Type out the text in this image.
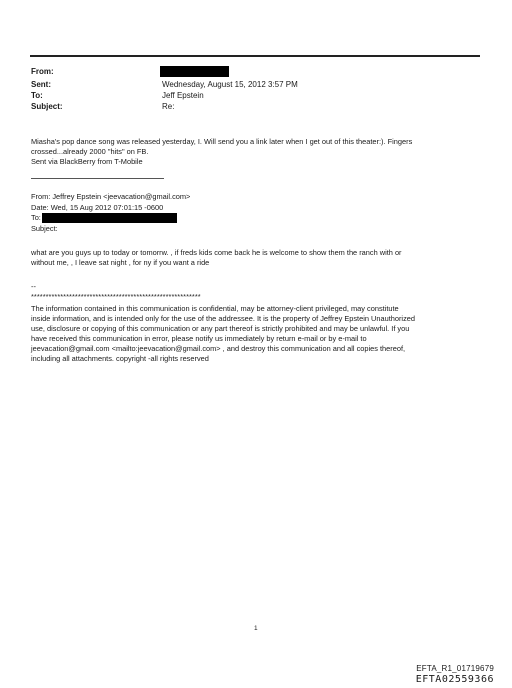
From:
Sent:
To:
Subject:
Wednesday, August 15, 2012 3:57 PM
Jeff Epstein
Re:

Miasha's pop dance song was released yesterday, I. Will send you a link later when I get out of this theater:). Fingers

crossed...already 2000 "hits" on FB.

Sent via BlackBerry from T-Mobile

From: Jeffrey Epstein <jeevacation@gmail.com>
Date: Wed, 15 Aug 2012 07:01:15 -0600
To:
Subject:

what are you guys up to today or tomorrw. , if freds kids come back he is welcome to show them the ranch with or

without me, , I leave sat night , for ny if you want a ride

--
**********************************************************

The information contained in this communication is confidential, may be attorney-client privileged, may constitute

inside information, and is intended only for the use of the addressee. It is the property of Jeffrey Epstein Unauthorized

use, disclosure or copying of this communication or any part thereof is strictly prohibited and may be unlawful. If you

have received this communication in error, please notify us immediately by return e-mail or by e-mail to

jeevacation@gmail.com <mailto:jeevacation@gmail.com> , and destroy this communication and all copies thereof,

including all attachments. copyright -all rights reserved

1
EFTA_R1_01719679
EFTA02559366
